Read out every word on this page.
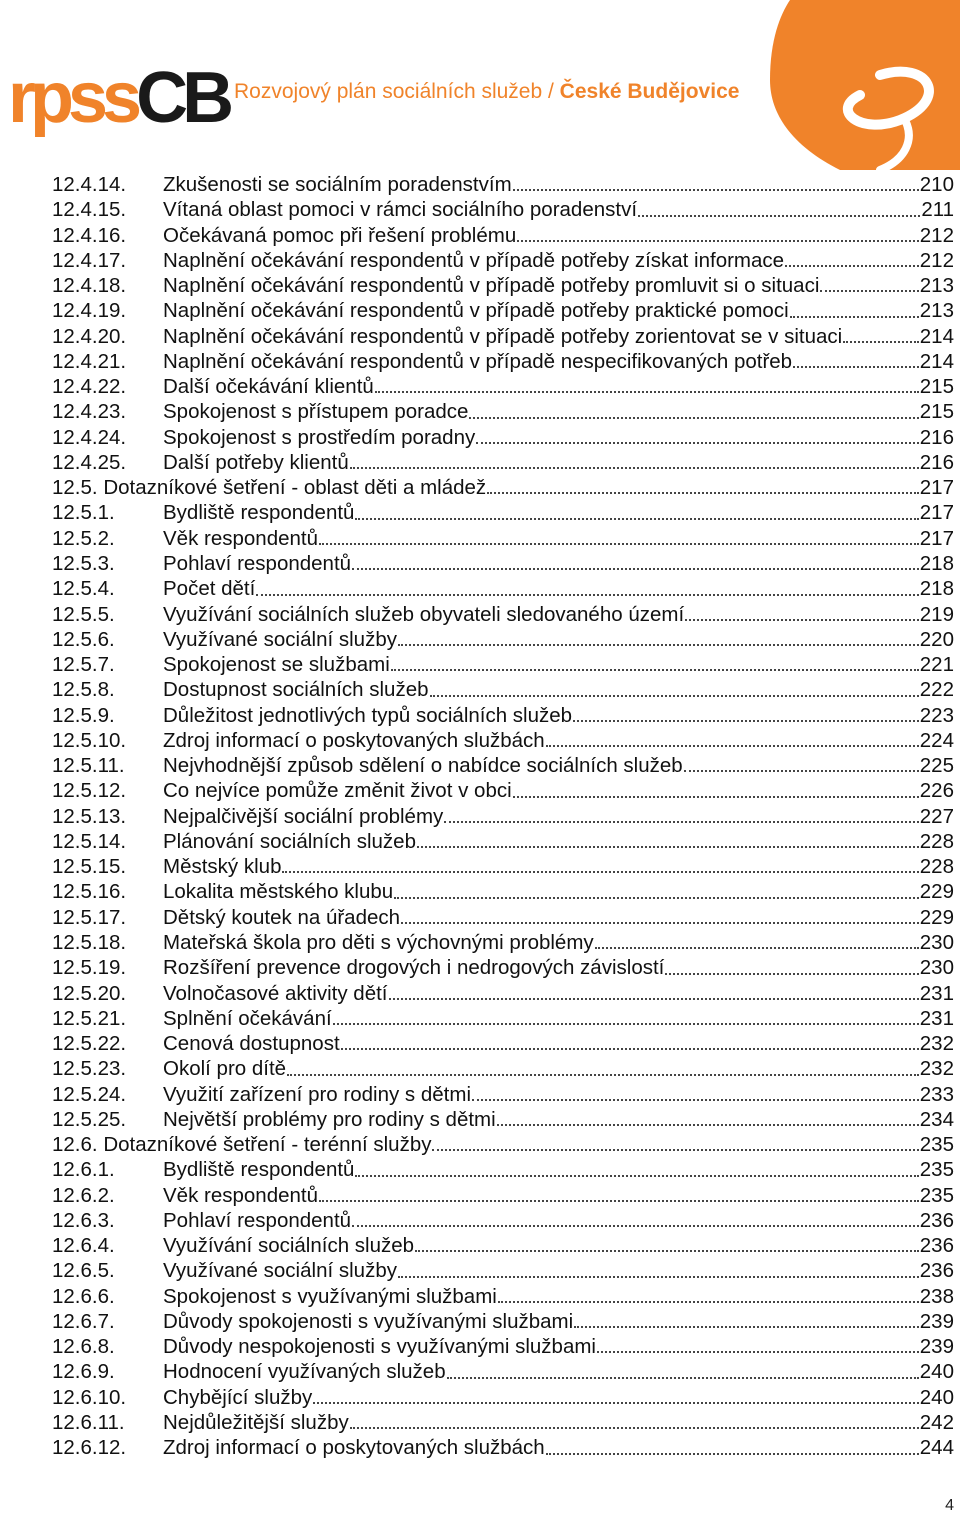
rpssCB Rozvojový plán sociálních služeb / České Budějovice
12.4.14.	Zkušenosti se sociálním poradenstvím	210
12.4.15.	Vítaná oblast pomoci v rámci sociálního poradenství	211
12.4.16.	Očekávaná pomoc při řešení problému	212
12.4.17.	Naplnění očekávání respondentů v případě potřeby získat informace	212
12.4.18.	Naplnění očekávání respondentů v případě potřeby promluvit si o situaci	213
12.4.19.	Naplnění očekávání respondentů v případě potřeby praktické pomoci	213
12.4.20.	Naplnění očekávání respondentů v případě potřeby zorientovat se v situaci	214
12.4.21.	Naplnění očekávání respondentů v případě nespecifikovaných potřeb	214
12.4.22.	Další očekávání klientů	215
12.4.23.	Spokojenost s přístupem poradce	215
12.4.24.	Spokojenost s prostředím poradny	216
12.4.25.	Další potřeby klientů	216
12.5. Dotazníkové šetření - oblast děti a mládež	217
12.5.1.	Bydliště respondentů	217
12.5.2.	Věk respondentů	217
12.5.3.	Pohlaví respondentů	218
12.5.4.	Počet dětí	218
12.5.5.	Využívání sociálních služeb obyvateli sledovaného území	219
12.5.6.	Využívané sociální služby	220
12.5.7.	Spokojenost se službami	221
12.5.8.	Dostupnost sociálních služeb	222
12.5.9.	Důležitost jednotlivých typů sociálních služeb	223
12.5.10.	Zdroj informací o poskytovaných službách	224
12.5.11.	Nejvhodnější způsob sdělení o nabídce sociálních služeb	225
12.5.12.	Co nejvíce pomůže změnit život v obci	226
12.5.13.	Nejpalčivější sociální problémy	227
12.5.14.	Plánování sociálních služeb	228
12.5.15.	Městský klub	228
12.5.16.	Lokalita městského klubu	229
12.5.17.	Dětský koutek na úřadech	229
12.5.18.	Mateřská škola pro děti s výchovnými problémy	230
12.5.19.	Rozšíření prevence drogových i nedrogových závislostí	230
12.5.20.	Volnočasové aktivity dětí	231
12.5.21.	Splnění očekávání	231
12.5.22.	Cenová dostupnost	232
12.5.23.	Okolí pro dítě	232
12.5.24.	Využití zařízení pro rodiny s dětmi	233
12.5.25.	Největší problémy pro rodiny s dětmi	234
12.6. Dotazníkové šetření - terénní služby	235
12.6.1.	Bydliště respondentů	235
12.6.2.	Věk respondentů	235
12.6.3.	Pohlaví respondentů	236
12.6.4.	Využívání sociálních služeb	236
12.6.5.	Využívané sociální služby	236
12.6.6.	Spokojenost s využívanými službami	238
12.6.7.	Důvody spokojenosti s využívanými službami	239
12.6.8.	Důvody nespokojenosti s využívanými službami	239
12.6.9.	Hodnocení využívaných služeb	240
12.6.10.	Chybějící služby	240
12.6.11.	Nejdůležitější služby	242
12.6.12.	Zdroj informací o poskytovaných službách	244
4
